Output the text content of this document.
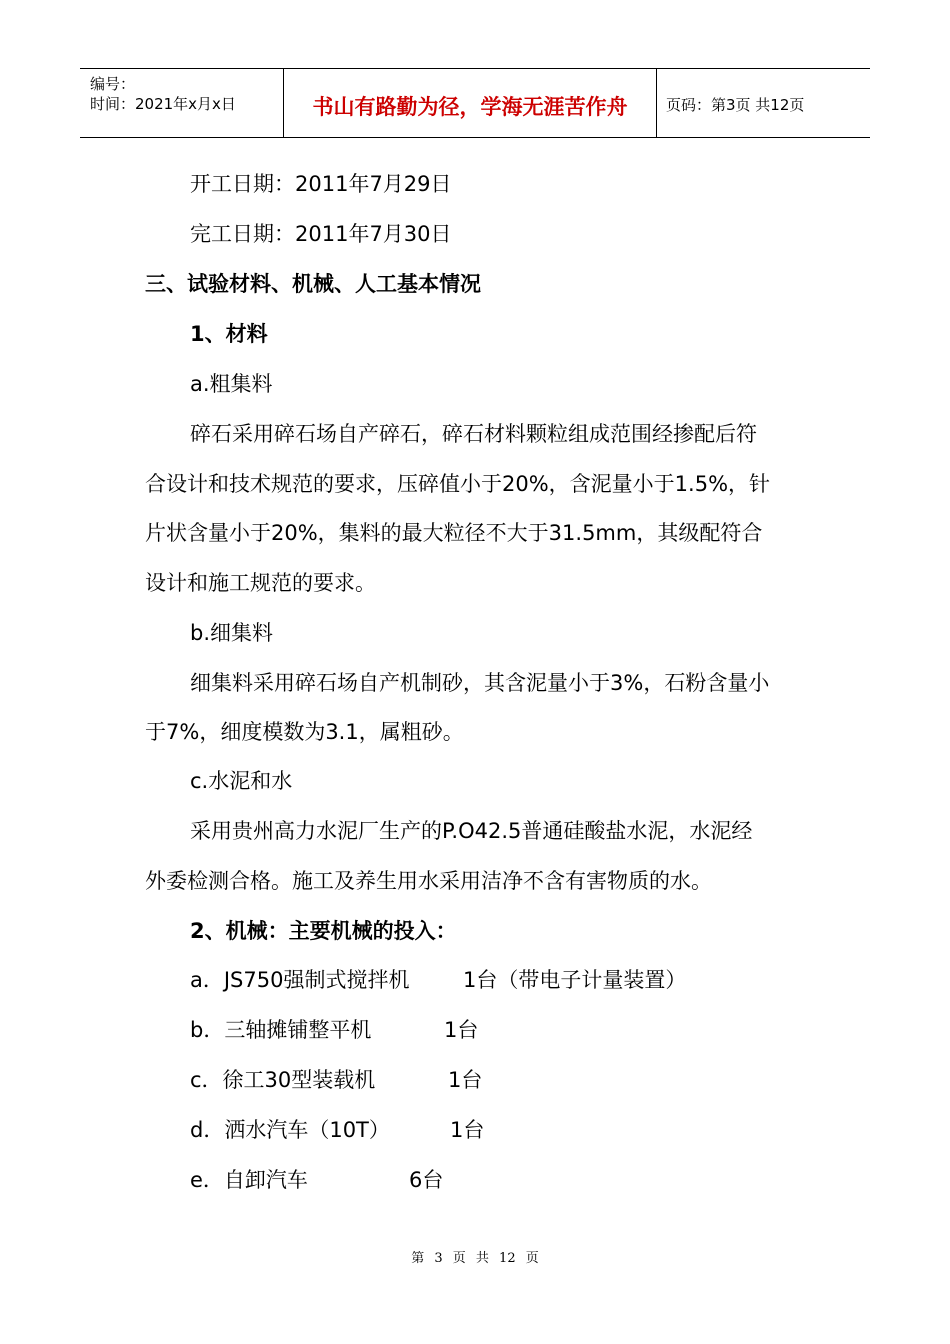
编号：
时间：2021年x月x日	书山有路勤为径，学海无涯苦作舟	页码：第3页 共12页
开工日期：2011年7月29日
完工日期：2011年7月30日
三、试验材料、机械、人工基本情况
1、材料
a.粗集料
碎石采用碎石场自产碎石，碎石材料颗粒组成范围经掺配后符
合设计和技术规范的要求，压碎值小于20%，含泥量小于1.5%，针
片状含量小于20%，集料的最大粒径不大于31.5mm，其级配符合
设计和施工规范的要求。
b.细集料
细集料采用碎石场自产机制砂，其含泥量小于3%，石粉含量小
于7%，细度模数为3.1，属粗砂。
c.水泥和水
采用贵州高力水泥厂生产的P.O42.5普通硅酸盐水泥，水泥经
外委检测合格。施工及养生用水采用洁净不含有害物质的水。
2、机械：主要机械的投入：
a．JS750强制式搅拌机	1台（带电子计量装置）
b．三轴摊铺整平机	1台
c．徐工30型装载机	1台
d．洒水汽车（10T）	1台
e．自卸汽车	6台
第 3 页 共 12 页
